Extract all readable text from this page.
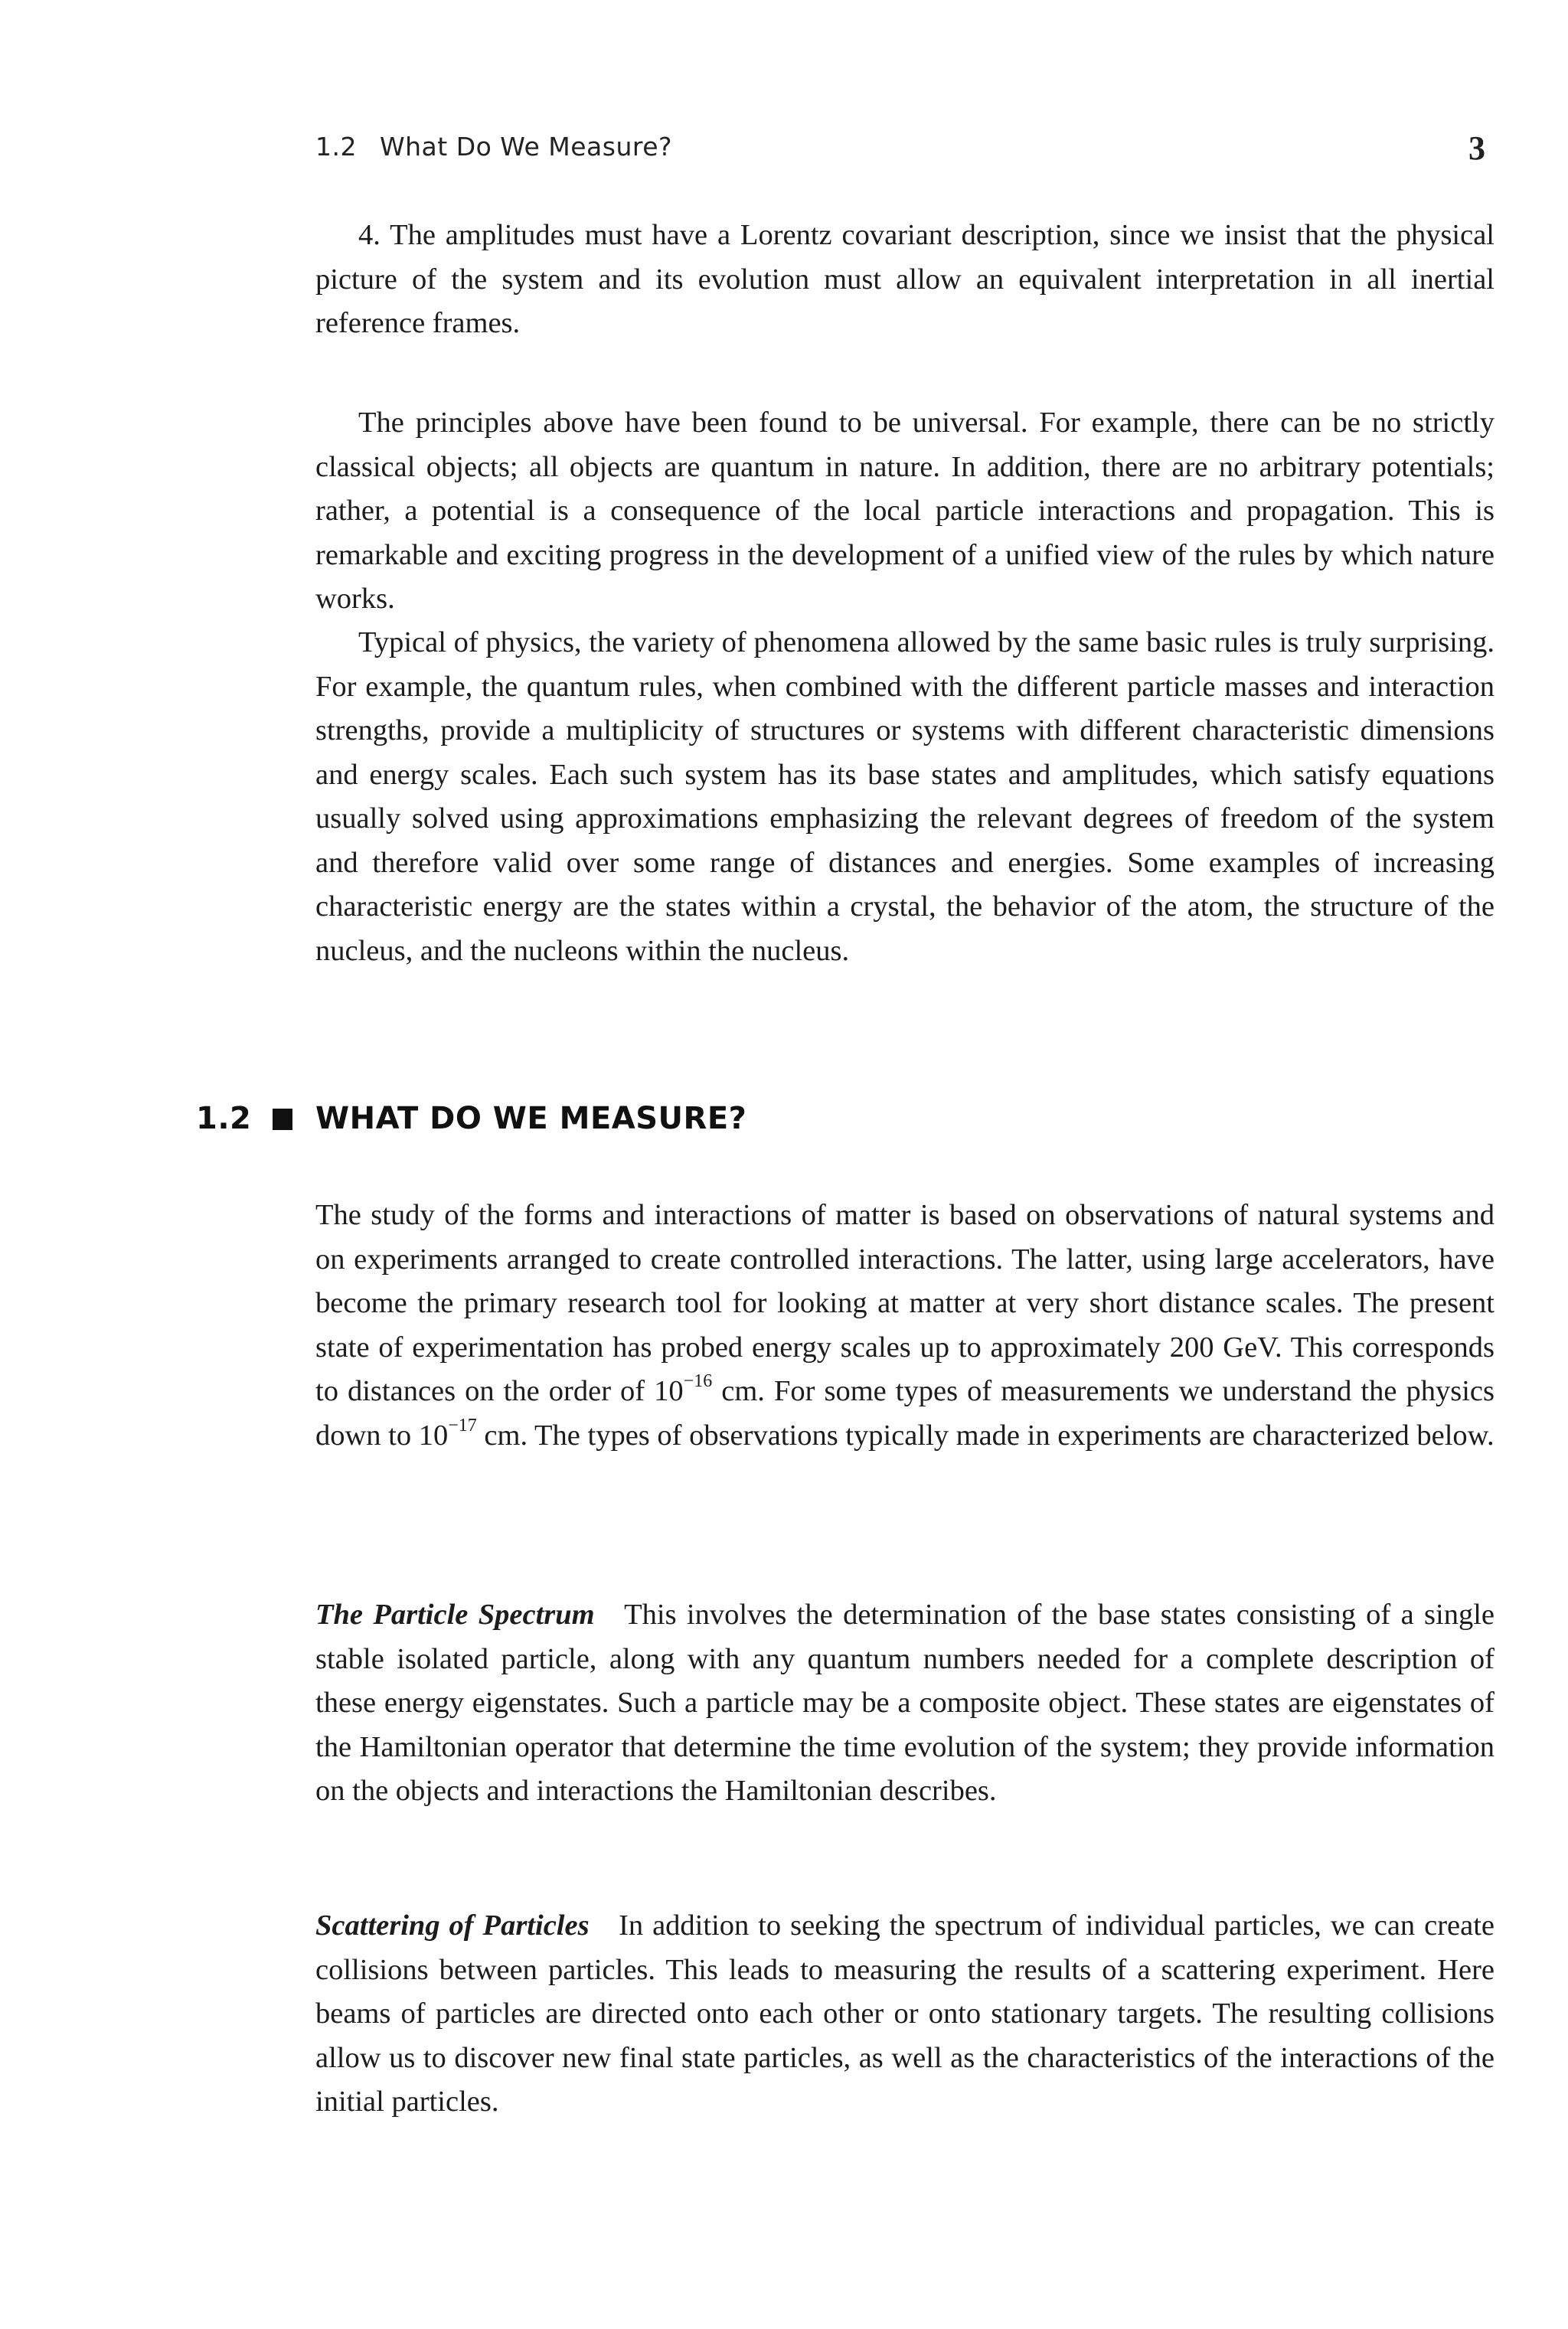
1.2 What Do We Measure?	3

4. The amplitudes must have a Lorentz covariant description, since we insist that the physical picture of the system and its evolution must allow an equivalent interpretation in all inertial reference frames.

The principles above have been found to be universal. For example, there can be no strictly classical objects; all objects are quantum in nature. In addition, there are no arbitrary potentials; rather, a potential is a consequence of the local particle interactions and propagation. This is remarkable and exciting progress in the development of a unified view of the rules by which nature works.

Typical of physics, the variety of phenomena allowed by the same basic rules is truly surprising. For example, the quantum rules, when combined with the different particle masses and interaction strengths, provide a multiplicity of structures or systems with different characteristic dimensions and energy scales. Each such system has its base states and amplitudes, which satisfy equations usually solved using approximations emphasizing the relevant degrees of freedom of the system and therefore valid over some range of distances and energies. Some examples of increasing characteristic energy are the states within a crystal, the behavior of the atom, the structure of the nucleus, and the nucleons within the nucleus.

1.2 WHAT DO WE MEASURE?

The study of the forms and interactions of matter is based on observations of natural systems and on experiments arranged to create controlled interactions. The latter, using large accelerators, have become the primary research tool for looking at matter at very short distance scales. The present state of experimentation has probed energy scales up to approximately 200 GeV. This corresponds to distances on the order of $10^{-16}$ cm. For some types of measurements we understand the physics down to $10^{-17}$ cm. The types of observations typically made in experiments are characterized below.

The Particle Spectrum  This involves the determination of the base states consisting of a single stable isolated particle, along with any quantum numbers needed for a complete description of these energy eigenstates. Such a particle may be a composite object. These states are eigenstates of the Hamiltonian operator that determine the time evolution of the system; they provide information on the objects and interactions the Hamiltonian describes.

Scattering of Particles  In addition to seeking the spectrum of individual particles, we can create collisions between particles. This leads to measuring the results of a scattering experiment. Here beams of particles are directed onto each other or onto stationary targets. The resulting collisions allow us to discover new final state particles, as well as the characteristics of the interactions of the initial particles.
